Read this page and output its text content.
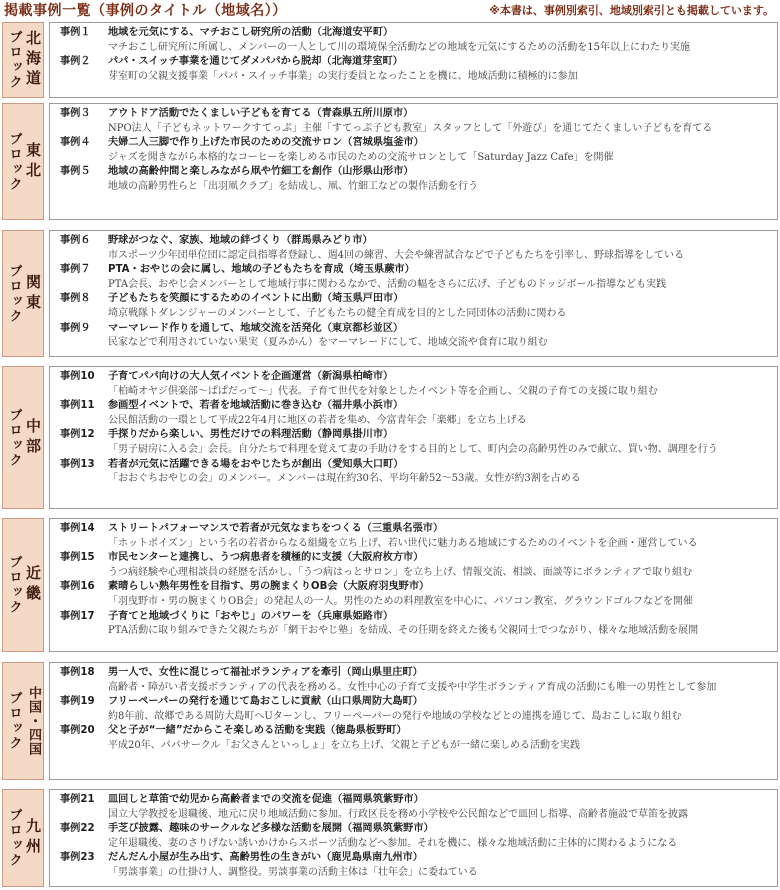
掲載事例一覧（事例のタイトル（地域名））	※本書は、事例別索引、地域別索引とも掲載しています。
ブロック 北海道 事例１	地域を元気にする、マチおこし研究所の活動（北海道安平町）
マチおこし研究所に所属し、メンバーの一人として川の環境保全活動などの地域を元気にするための活動を15年以上にわたり実施
事例２	パパ・スイッチ事業を通じてダメパパから脱却（北海道芽室町）
芽室町の父親支援事業「パパ・スイッチ事業」の実行委員となったことを機に、地域活動に積極的に参加
ブロック 東北
事例３	アウトドア活動でたくましい子どもを育てる（青森県五所川原市）
NPO法人「子どもネットワークすてっぷ」主催「すてっぷ子ども教室」スタッフとして「外遊び」を通じてたくましい子どもを育てる
事例４	夫婦二人三脚で作り上げた市民のための交流サロン（宮城県塩釜市）
ジャズを聞きながら本格的なコーヒーを楽しめる市民のための交流サロンとして「Saturday Jazz Cafe」を開催
事例５	地域の高齢仲間と楽しみながら凧や竹細工を創作（山形県山形市）
地域の高齢男性らと「出羽凧クラブ」を結成し、凧、竹細工などの製作活動を行う
ブロック 関東
事例６	野球がつなぐ、家族、地域の絆づくり（群馬県みどり市）
市スポーツ少年団単位団に認定員指導者登録し、週4回の練習、大会や練習試合などで子どもたちを引率し、野球指導をしている
事例７	PTA・おやじの会に属し、地域の子どもたちを育成（埼玉県蕨市）
PTA会長、おやじ会メンバーとして地域行事に関わるなかで、活動の幅をさらに広げ、子どものドッジボール指導なども実践
事例８	子どもたちを笑顔にするためのイベントに出動（埼玉県戸田市）
埼京戦隊トダレンジャーのメンバーとして、子どもたちの健全育成を目的とした同団体の活動に関わる
事例９	マーマレード作りを通して、地域交流を活発化（東京都杉並区）
民家などで利用されていない果実（夏みかん）をマーマレードにして、地域交流や食育に取り組む
ブロック 中部
事例10	子育てパパ向けの大人気イベントを企画運営（新潟県柏崎市）
「柏崎オヤジ倶楽部～ぱぱだって～」代表。子育て世代を対象としたイベント等を企画し、父親の子育ての支援に取り組む
事例11	参画型イベントで、若者を地域活動に巻き込む（福井県小浜市）
公民館活動の一環として平成22年4月に地区の若者を集め、今富青年会「楽郷」を立ち上げる
事例12	手探りだから楽しい、男性だけでの料理活動（静岡県掛川市）
「男子厨房に入る会」会長。自分たちで料理を覚えて妻の手助けをする目的として、町内会の高齢男性のみで献立、買い物、調理を行う
事例13	若者が元気に活躍できる場をおやじたちが創出（愛知県大口町）
「おおぐちおやじの会」のメンバー。メンバーは現在約30名、平均年齢52～53歳。女性が約3割を占める
ブロック 近畿
事例14	ストリートパフォーマンスで若者が元気なまちをつくる（三重県名張市）
「ホットポイズン」という名の若者からなる組織を立ち上げ、若い世代に魅力ある地域にするためのイベントを企画・運営している
事例15	市民センターと連携し、うつ病患者を積極的に支援（大阪府枚方市）
うつ病経験や心理相談員の経歴を活かし、「うつ病はっとサロン」を立ち上げ、情報交流、相談、面談等にボランティアで取り組む
事例16	素晴らしい熟年男性を目指す、男の腕まくりOB会（大阪府羽曳野市）
「羽曳野市・男の腕まくりOB会」の発起人の一人。男性のための料理教室を中心に、パソコン教室、グラウンドゴルフなどを開催
事例17	子育てと地域づくりに「おやじ」のパワーを（兵庫県姫路市）
PTA活動に取り組みできた父親たちが「網干おやじ塾」を結成、その任期を終えた後も父親同士でつながり、様々な地域活動を展開
ブロック 中国・四国
事例18	男一人で、女性に混じって福祉ボランティアを牽引（岡山県里庄町）
高齢者・障がい者支援ボランティアの代表を務める。女性中心の子育て支援や中学生ボランティア育成の活動にも唯一の男性として参加
事例19	フリーペーパーの発行を通じて島おこしに貢献（山口県周防大島町）
約8年前、故郷である周防大島町へUターンし、フリーペーパーの発行や地域の学校などとの連携を通じて、島おこしに取り組む
事例20	父と子が“一緒”だからこそ楽しめる活動を実践（徳島県板野町）
平成20年、パパサークル「お父さんといっしょ」を立ち上げ、父親と子どもが一緒に楽しめる活動を実践
ブロック 九州
事例21	皿回しと草笛で幼児から高齢者までの交流を促進（福岡県筑紫野市）
国立大学教授を退職後、地元に戻り地域活動に参加。行政区長を務め小学校や公民館などで皿回し指導、高齢者施設で草笛を披露
事例22	手芝び披露、趣味のサークルなど多様な活動を展開（福岡県筑紫野市）
定年退職後、妻のさりげない誘いかけからスポーツ活動などへ参加。それを機に、様々な地域活動に主体的に関わるようになる
事例23	だんだん小屋が生み出す、高齢男性の生きがい（鹿児島県南九州市）
「男談事業」の仕掛け人、調整役。男談事業の活動主体は「壮年会」に委ねている
